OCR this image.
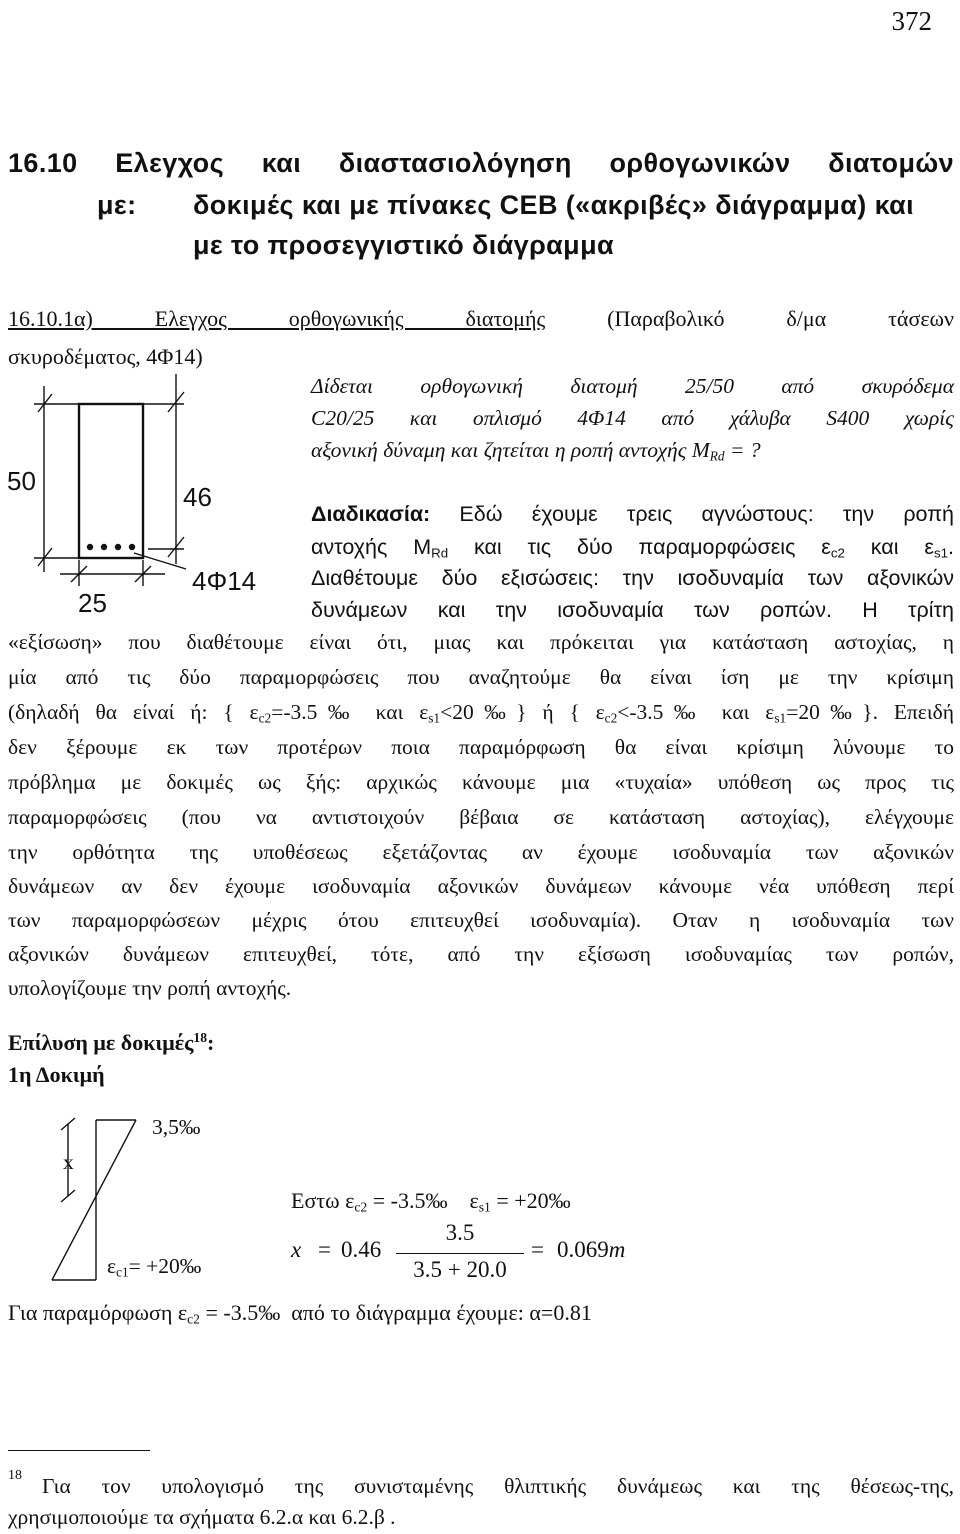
372
16.10 Ελεγχος και διαστασιολόγηση ορθογωνικών διατομών
με: δοκιμές και με πίνακες CEB («ακριβές» διάγραμμα) και
με το προσεγγιστικό διάγραμμα
16.10.1α) Ελεγχος ορθογωνικής διατομής (Παραβολικό δ/μα τάσεων
σκυροδέματος, 4Φ14)
Δίδεται ορθογωνική διατομή 25/50 από σκυρόδεμα
C20/25 και οπλισμό 4Φ14 από χάλυβα S400 χωρίς
αξονική δύναμη και ζητείται η ροπή αντοχής $M_{Rd}$ = ?
50
46
4Φ14
25
Διαδικασία: Εδώ έχουμε τρεις αγνώστους: την ροπή
αντοχής $M_{Rd}$ και τις δύο παραμορφώσεις $\varepsilon_{c2}$ και $\varepsilon_{s1}$.
Διαθέτουμε δύο εξισώσεις: την ισοδυναμία των αξονικών
δυνάμεων και την ισοδυναμία των ροπών. Η τρίτη
«εξίσωση» που διαθέτουμε είναι ότι, μιας και πρόκειται για κατάσταση αστοχίας, η
μία από τις δύο παραμορφώσεις που αναζητούμε θα είναι ίση με την κρίσιμη
(δηλαδή θα είναί ή: { $\varepsilon_{c2}=-3.5‰$ και $\varepsilon_{s1}<20‰$} ή { $\varepsilon_{c2}<-3.5‰$ και $\varepsilon_{s1}=20‰$}. Επειδή
δεν ξέρουμε εκ των προτέρων ποια παραμόρφωση θα είναι κρίσιμη λύνουμε το
πρόβλημα με δοκιμές ως ξής: αρχικώς κάνουμε μια «τυχαία» υπόθεση ως προς τις
παραμορφώσεις (που να αντιστοιχούν βέβαια σε κατάσταση αστοχίας), ελέγχουμε
την ορθότητα της υποθέσεως εξετάζοντας αν έχουμε ισοδυναμία των αξονικών
δυνάμεων αν δεν έχουμε ισοδυναμία αξονικών δυνάμεων κάνουμε νέα υπόθεση περί
των παραμορφώσεων μέχρις ότου επιτευχθεί ισοδυναμία). Οταν η ισοδυναμία των
αξονικών δυνάμεων επιτευχθεί, τότε, από την εξίσωση ισοδυναμίας των ροπών,
υπολογίζουμε την ροπή αντοχής.
Επίλυση με δοκιμές$^{18}$:
1η Δοκιμή
3,5‰
x
$\varepsilon_{c1}=$ +20‰
Εστω $\varepsilon_{c2}$ = -3.5‰    $\varepsilon_{s1}$ = +20‰
x = 0.46
3.5
3.5 + 20.0
= 0.069m
Για παραμόρφωση $\varepsilon_{c2}$ = -3.5‰  από το διάγραμμα έχουμε: α=0.81
18 Για τον υπολογισμό της συνισταμένης θλιπτικής δυνάμεως και της θέσεως-της,
χρησιμοποιούμε τα σχήματα 6.2.α και 6.2.β .
